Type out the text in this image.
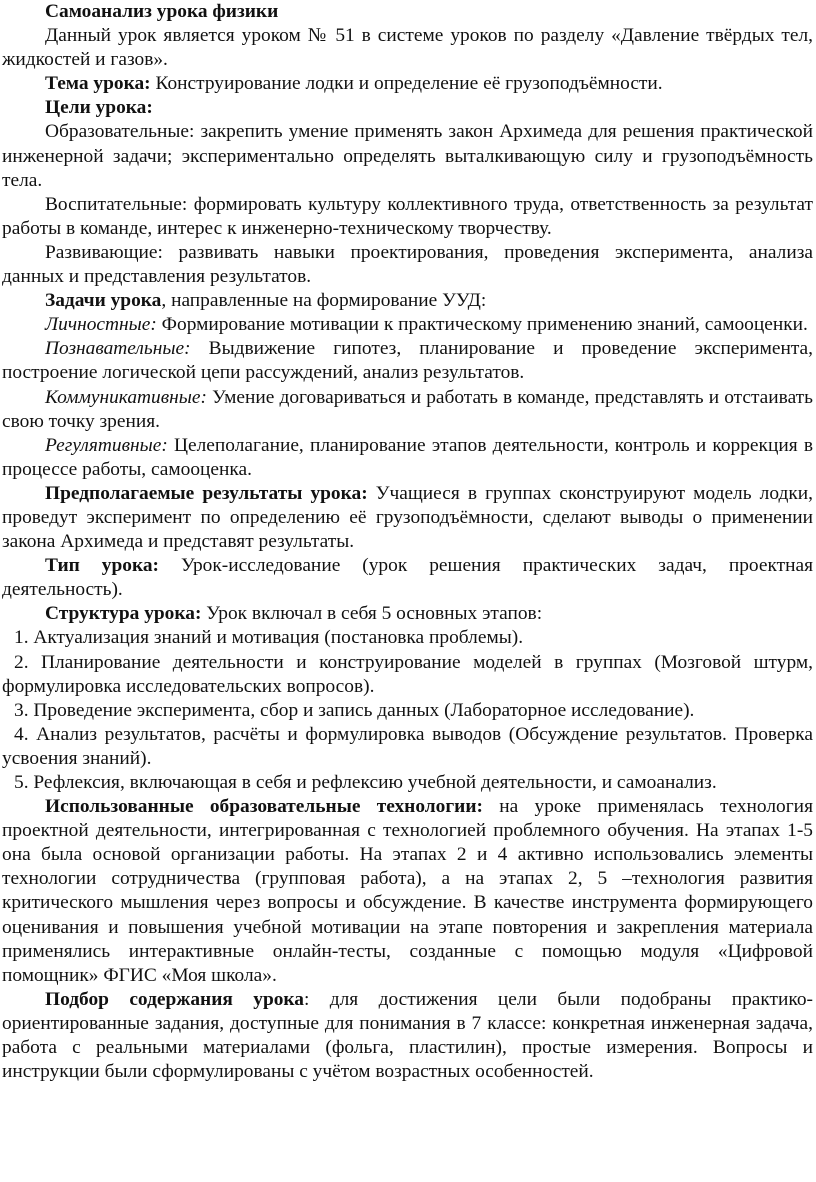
Самоанализ урока физики

Данный урок является уроком № 51 в системе уроков по разделу «Давление твёрдых тел, жидкостей и газов».

Тема урока: Конструирование лодки и определение её грузоподъёмности.

Цели урока:

Образовательные: закрепить умение применять закон Архимеда для решения практической инженерной задачи; экспериментально определять выталкивающую силу и грузоподъёмность тела.

Воспитательные: формировать культуру коллективного труда, ответственность за результат работы в команде, интерес к инженерно-техническому творчеству.

Развивающие: развивать навыки проектирования, проведения эксперимента, анализа данных и представления результатов.

Задачи урока, направленные на формирование УУД:

Личностные: Формирование мотивации к практическому применению знаний, самооценки.

Познавательные: Выдвижение гипотез, планирование и проведение эксперимента, построение логической цепи рассуждений, анализ результатов.

Коммуникативные: Умение договариваться и работать в команде, представлять и отстаивать свою точку зрения.

Регулятивные: Целеполагание, планирование этапов деятельности, контроль и коррекция в процессе работы, самооценка.

Предполагаемые результаты урока: Учащиеся в группах сконструируют модель лодки, проведут эксперимент по определению её грузоподъёмности, сделают выводы о применении закона Архимеда и представят результаты.

Тип урока: Урок-исследование (урок решения практических задач, проектная деятельность).

Структура урока: Урок включал в себя 5 основных этапов:

1. Актуализация знаний и мотивация (постановка проблемы).

2. Планирование деятельности и конструирование моделей в группах (Мозговой штурм, формулировка исследовательских вопросов).

3. Проведение эксперимента, сбор и запись данных (Лабораторное исследование).

4. Анализ результатов, расчёты и формулировка выводов (Обсуждение результатов. Проверка усвоения знаний).

5. Рефлексия, включающая в себя и рефлексию учебной деятельности, и самоанализ.

Использованные образовательные технологии: на уроке применялась технология проектной деятельности, интегрированная с технологией проблемного обучения. На этапах 1-5 она была основой организации работы. На этапах 2 и 4 активно использовались элементы технологии сотрудничества (групповая работа), а на этапах 2, 5 –технология развития критического мышления через вопросы и обсуждение. В качестве инструмента формирующего оценивания и повышения учебной мотивации на этапе повторения и закрепления материала применялись интерактивные онлайн-тесты, созданные с помощью модуля «Цифровой помощник» ФГИС «Моя школа».

Подбор содержания урока: для достижения цели были подобраны практико-ориентированные задания, доступные для понимания в 7 классе: конкретная инженерная задача, работа с реальными материалами (фольга, пластилин), простые измерения. Вопросы и инструкции были сформулированы с учётом возрастных особенностей.
